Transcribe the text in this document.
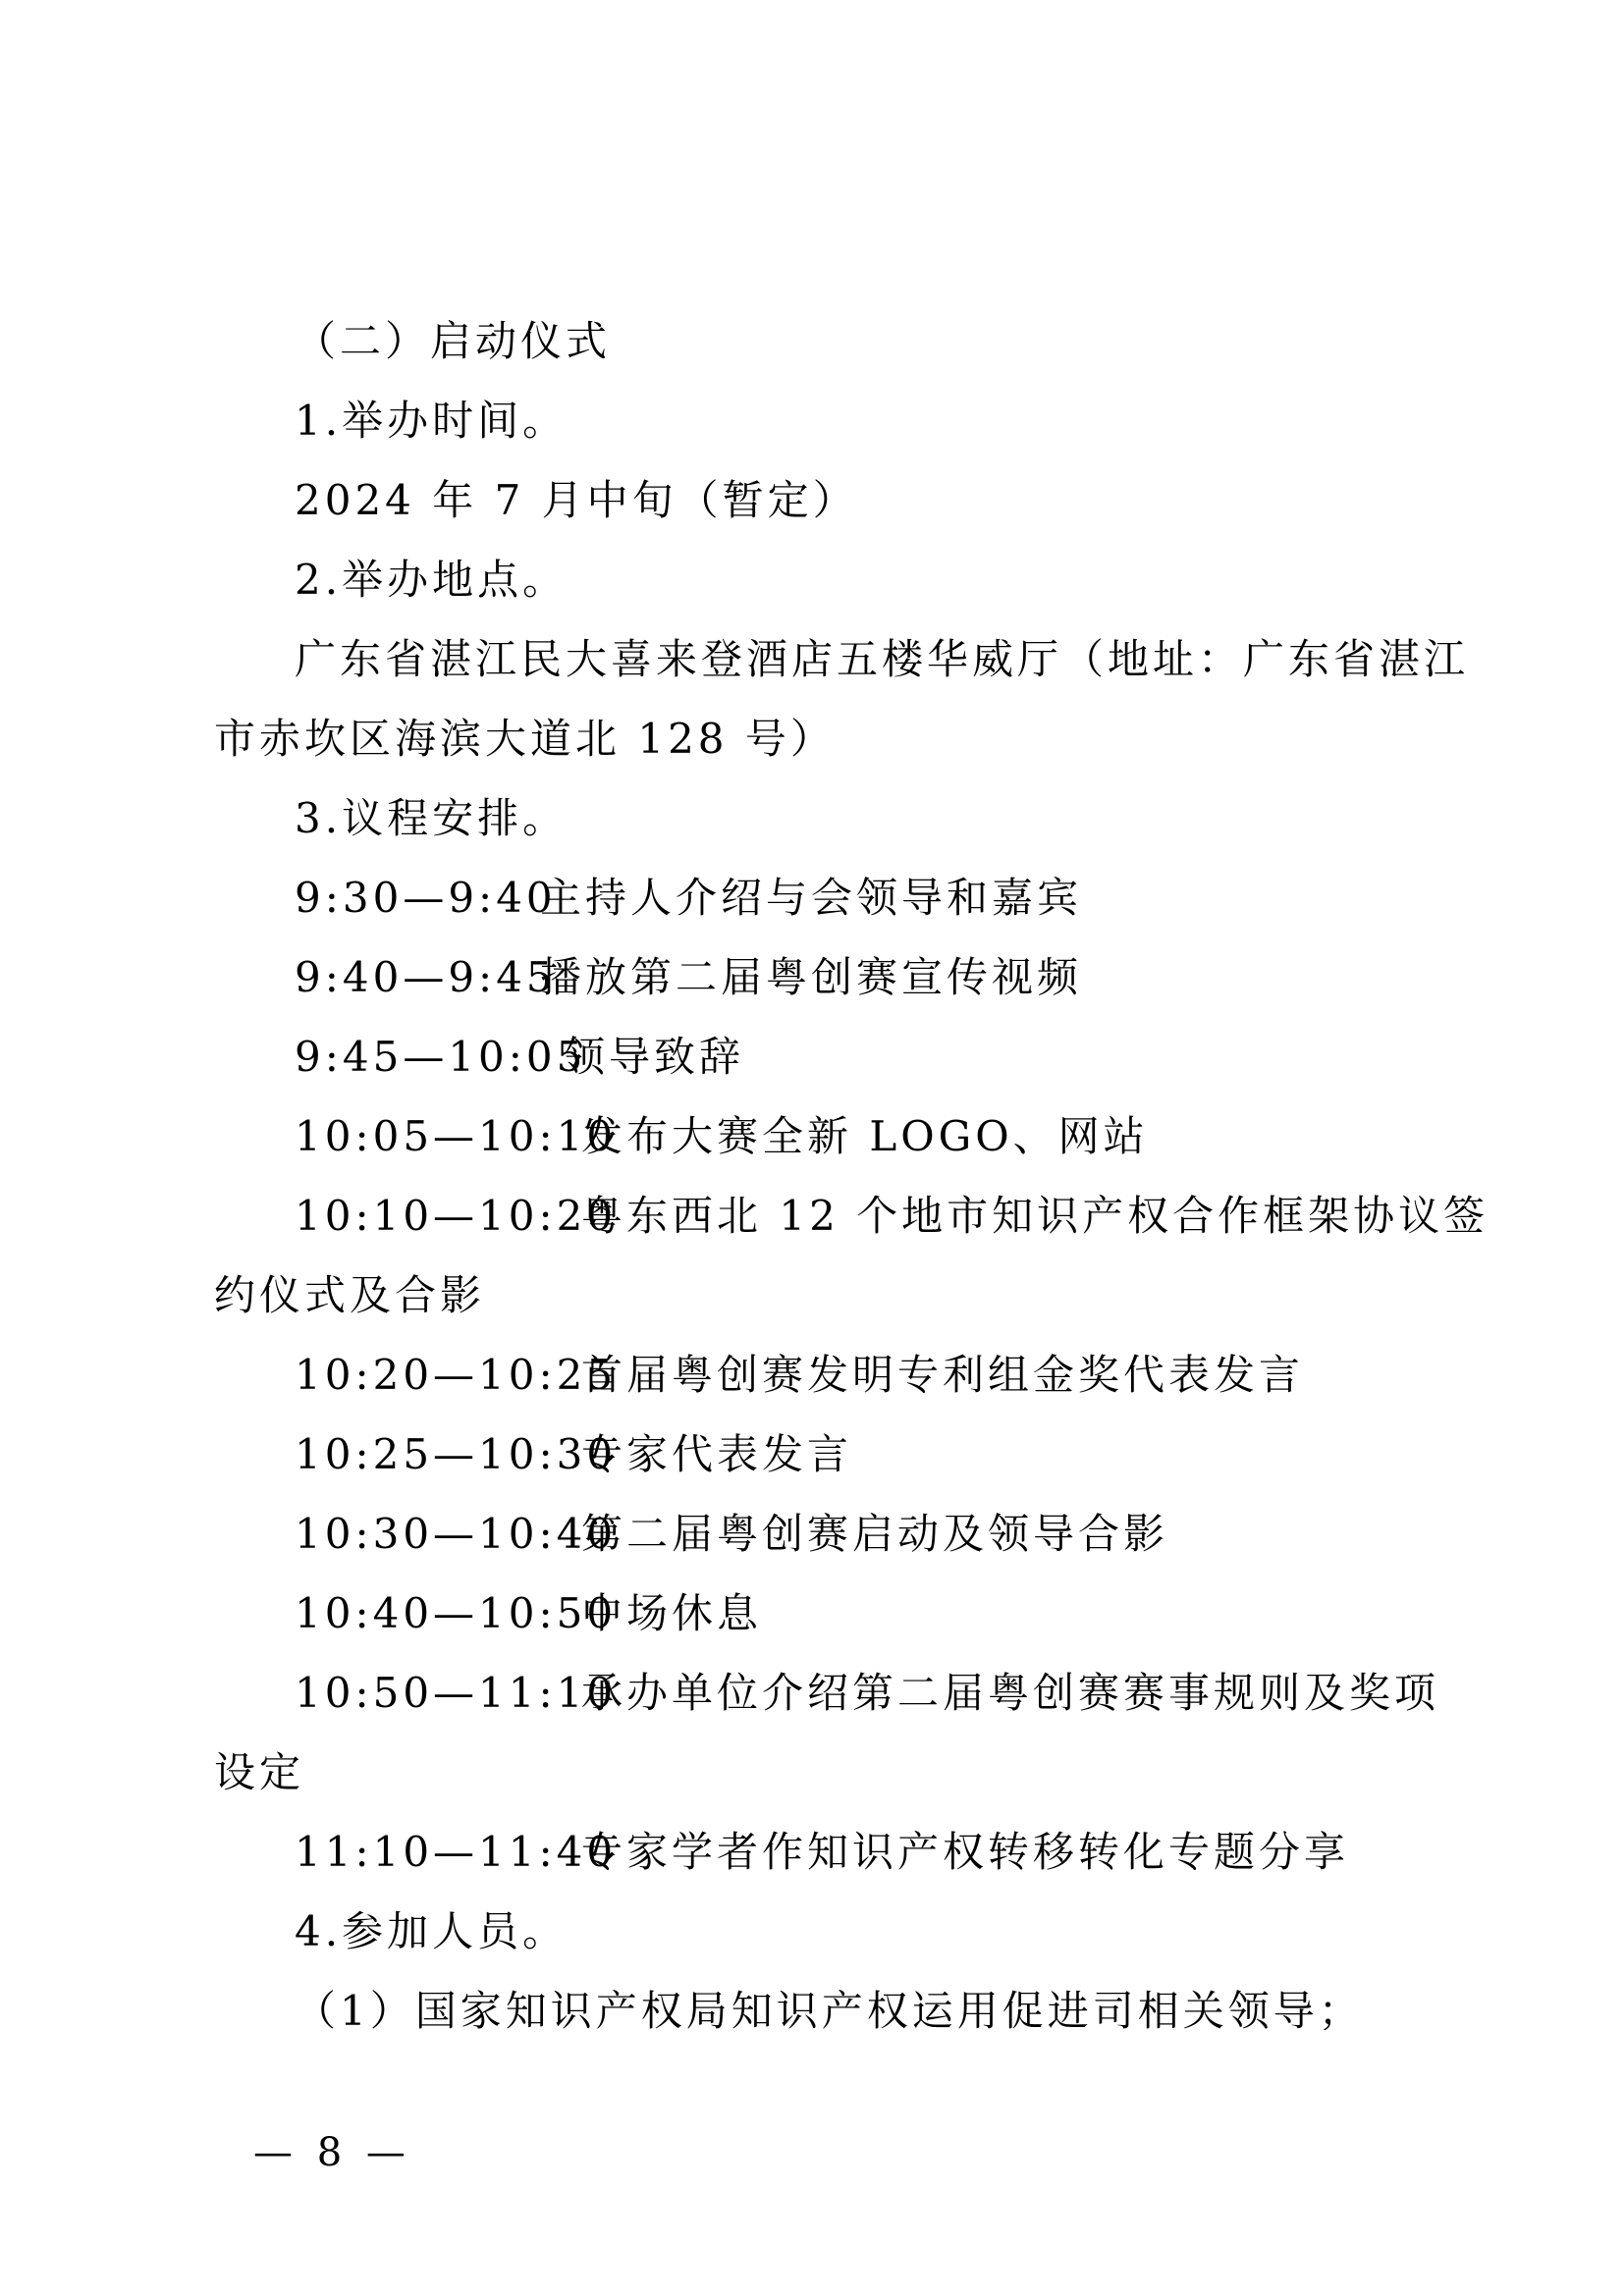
（二）启动仪式
1.举办时间。
2024 年 7 月中旬（暂定）
2.举办地点。
广东省湛江民大喜来登酒店五楼华威厅（地址：广东省湛江
市赤坎区海滨大道北 128 号）
3.议程安排。
9:30—9:40主持人介绍与会领导和嘉宾
9:40—9:45播放第二届粤创赛宣传视频
9:45—10:05领导致辞
10:05—10:10发布大赛全新 LOGO、网站
10:10—10:20粤东西北 12 个地市知识产权合作框架协议签
约仪式及合影
10:20—10:25首届粤创赛发明专利组金奖代表发言
10:25—10:30专家代表发言
10:30—10:40第二届粤创赛启动及领导合影
10:40—10:50中场休息
10:50—11:10承办单位介绍第二届粤创赛赛事规则及奖项
设定
11:10—11:40专家学者作知识产权转移转化专题分享
4.参加人员。
（1）国家知识产权局知识产权运用促进司相关领导；
— 8 —
